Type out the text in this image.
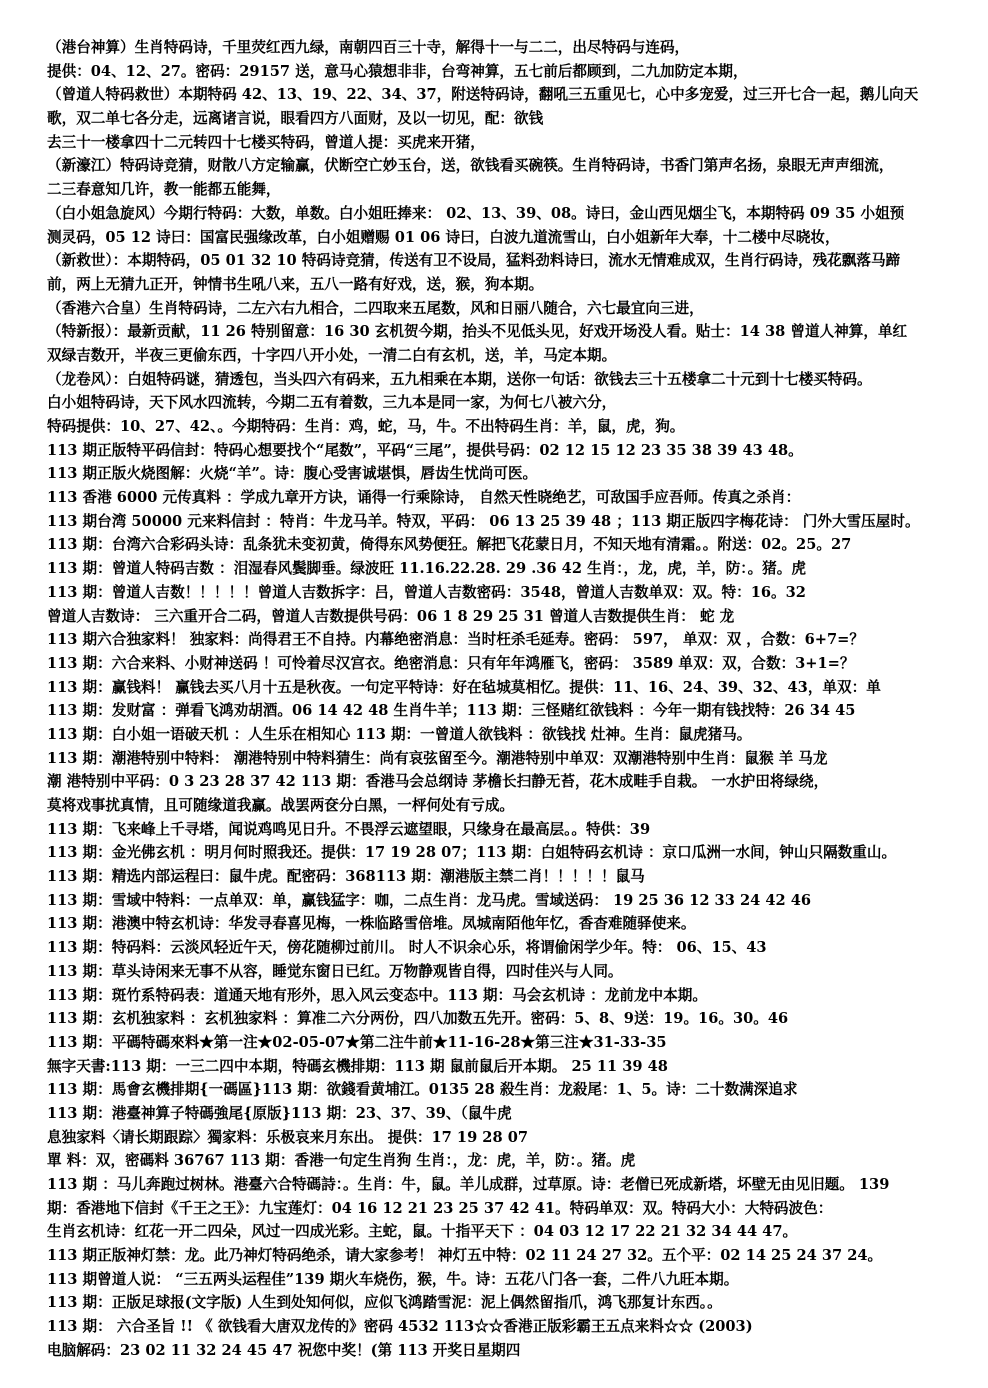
（港台神算）生肖特码诗，千里荧红西九绿，南朝四百三十寺，解得十一与二二，出尽特码与连码，
提供：04、12、27。密码：29157 送，意马心猿想非非，台弯神算，五七前后都顾到，二九加防定本期，
（曾道人特码救世）本期特码 42、13、19、22、34、37，附送特码诗，翻吼三五重见七，心中多宠爱，过三开七合一起，鹅儿向天
歌，双二单七各分走，远离诸言说，眼看四方八面财，及以一切见，配：欲钱
去三十一楼拿四十二元转四十七楼买特码，曾道人提：买虎来开猪，
（新濠江）特码诗竞猜，财散八方定输赢，伏断空亡妙玉台，送，欲钱看买碗筷。生肖特码诗，书香门第声名扬，泉眼无声声细流，
二三春意知几许，教一能都五能舞，
（白小姐急旋风）今期行特码：大数，单数。白小姐旺捧来： 02、13、39、08。诗曰，金山西见烟尘飞，本期特码 09 35 小姐预
测灵码，05 12 诗曰：国富民强缘改革，白小姐赠赐 01 06 诗曰，白波九道流雪山，白小姐新年大奉，十二楼中尽晓妆，
（新救世）：本期特码，05 01 32 10 特码诗竞猜，传送有卫不设局，猛料劲料诗曰，流水无情难成双，生肖行码诗，残花飘落马蹄
前，两上无猜九正开，钟情书生吼八来，五八一路有好戏，送，猴，狗本期。
（香港六合皇）生肖特码诗，二左六右九相合，二四取来五尾数，风和日丽八随合，六七最宜向三进，
（特新报）：最新贡献，11 26 特别留意：16 30 玄机贺今期，抬头不见低头见，好戏开场没人看。贴士：14 38 曾道人神算，单红
双绿吉数开，半夜三更偷东西，十字四八开小处，一清二白有玄机，送，羊，马定本期。
（龙卷风）：白姐特码谜，猜透包，当头四六有码来，五九相乘在本期，送你一句话：欲钱去三十五楼拿二十元到十七楼买特码。
白小姐特码诗，天下风水四流转，今期二五有着数，三九本是同一家，为何七八被六分，
特码提供：10、27、42、。今期特码：生肖：鸡，蛇，马，牛。不出特码生肖：羊，鼠，虎，狗。
113 期正版特平码信封：特码心想要找个“尾数”，平码“三尾”，提供号码：02 12 15 12 23 35 38 39 43 48。
113 期正版火烧图解：火烧“羊”。诗：腹心受害诚堪惧，唇齿生忧尚可医。
113 香港 6000 元传真料 ：学成九章开方诀，诵得一行乘除诗， 自然天性晓绝艺，可敌国手应吾师。传真之杀肖：
113 期台湾 50000 元来料信封 ：特肖：牛龙马羊。特双，平码： 06 13 25 39 48 ；113 期正版四字梅花诗： 门外大雪压屋时。
113 期：台湾六合彩码头诗：乱条犹未变初黄，倚得东风势便狂。解把飞花蒙日月，不知天地有清霜。。附送：02。25。27
113 期：曾道人特码吉数 ：泪湿春风鬓脚垂。绿波旺 11.16.22.28. 29 .36 42 生肖：，龙，虎，羊，防：。猪。虎
113 期：曾道人吉数！！！！！曾道人吉数拆字：吕，曾道人吉数密码：3548，曾道人吉数单双：双。特：16。32
曾道人吉数诗： 三六重开合二码，曾道人吉数提供号码：06 1 8 29 25 31 曾道人吉数提供生肖： 蛇 龙
113 期六合独家料！ 独家料：尚得君王不自持。内幕绝密消息：当时枉杀毛延寿。密码： 597， 单双：双 ，合数：6+7=？
113 期：六合来料、小财神送码 ！可怜着尽汉宫衣。绝密消息：只有年年鸿雁飞，密码： 3589 单双：双，合数：3+1=？
113 期：赢钱料！ 赢钱去买八月十五是秋夜。一句定平特诗：好在毡城莫相忆。提供：11、16、24、39、32、43，单双：单
113 期：发财富 ：弹看飞鸿劝胡酒。06 14 42 48 生肖牛羊；113 期：三怪赌红欲钱料 ：今年一期有钱找特：26 34 45
113 期：白小姐一语破天机 ：人生乐在相知心 113 期：一曾道人欲钱料 ：欲钱找 灶神。生肖：鼠虎猪马。
113 期：潮港特别中特料： 潮港特别中特料猜生：尚有哀弦留至今。潮港特别中单双：双潮港特别中生肖：鼠猴 羊 马龙
潮 港特别中平码：0 3 23 28 37 42 113 期：香港马会总纲诗 茅檐长扫静无苔，花木成畦手自栽。 一水护田将绿绕，
莫将戏事扰真情，且可随缘道我赢。战罢两奁分白黑，一枰何处有亏成。
113 期：飞来峰上千寻塔，闻说鸡鸣见日升。不畏浮云遮望眼，只缘身在最高层。。特供：39
113 期：金光佛玄机 ：明月何时照我还。提供：17 19 28 07；113 期：白姐特码玄机诗 ：京口瓜洲一水间，钟山只隔数重山。
113 期：精选内部运程曰：鼠牛虎。配密码：368113 期：潮港版主禁二肖！！！！！鼠马
113 期：雪域中特料：一点单双：单，赢钱猛字：咖，二点生肖：龙马虎。雪域送码： 19 25 36 12 33 24 42 46
113 期：港澳中特玄机诗：华发寻春喜见梅，一株临路雪倍堆。凤城南陌他年忆，香杳难随驿使来。
113 期：特码料：云淡风轻近午天，傍花随柳过前川。 时人不识余心乐，将谓偷闲学少年。特： 06、15、43
113 期：草头诗闲来无事不从容，睡觉东窗日已红。万物静观皆自得，四时佳兴与人同。
113 期：斑竹系特码表：道通天地有形外，思入风云变态中。113 期：马会玄机诗 ：龙前龙中本期。
113 期：玄机独家料 ：玄机独家料 ：算准二六分两份，四八加数五先开。密码：5、8、9送：19。16。30。46
113 期：平碼特碼來料★第一注★02-05-07★第二注牛前★11-16-28★第三注★31-33-35
無字天書:113 期：一三二四中本期，特碼玄機排期：113 期 鼠前鼠后开本期。 25 11 39 48
113 期：馬會玄機排期{一碼區}113 期：欲錢看黄埔江。0135 28 殺生肖：龙殺尾：1、5。诗：二十数满深追求
113 期：港臺神算子特碼強尾{原版}113 期：23、37、39、（鼠牛虎
息独家料〈请长期跟踪〉獨家料：乐极哀来月东出。 提供：17 19 28 07
單 料：双，密碼料 36767 113 期：香港一句定生肖狗 生肖：，龙：虎，羊，防：。猪。虎
113 期 ：马儿奔跑过树林。港臺六合特碼詩：。生肖：牛，鼠。羊儿成群，过草原。诗：老僧已死成新塔，坏壁无由见旧题。 139
期：香港地下信封《千王之王》：九宝莲灯：04 16 12 21 23 25 37 42 41。特码单双：双。特码大小：大特码波色：
生肖玄机诗：红花一开二四朵，风过一四成光彩。主蛇，鼠。十指平天下 ：04 03 12 17 22 21 32 34 44 47。
113 期正版神灯禁：龙。此乃神灯特码绝杀，请大家参考！ 神灯五中特：02 11 24 27 32。五个平：02 14 25 24 37 24。
113 期曾道人说： “三五两头运程佳”139 期火车烧伤，猴，牛。诗：五花八门各一套，二件八九旺本期。
113 期：正版足球报(文字版) 人生到处知何似，应似飞鸿踏雪泥：泥上偶然留指爪，鸿飞那复计东西。。
113 期： 六合圣旨 !! 《 欲钱看大唐双龙传的》密码 4532 113☆☆香港正版彩霸王五点来料☆☆ (2003)
电脑解码：23 02 11 32 24 45 47 祝您中奖！(第 113 开奖日星期四
